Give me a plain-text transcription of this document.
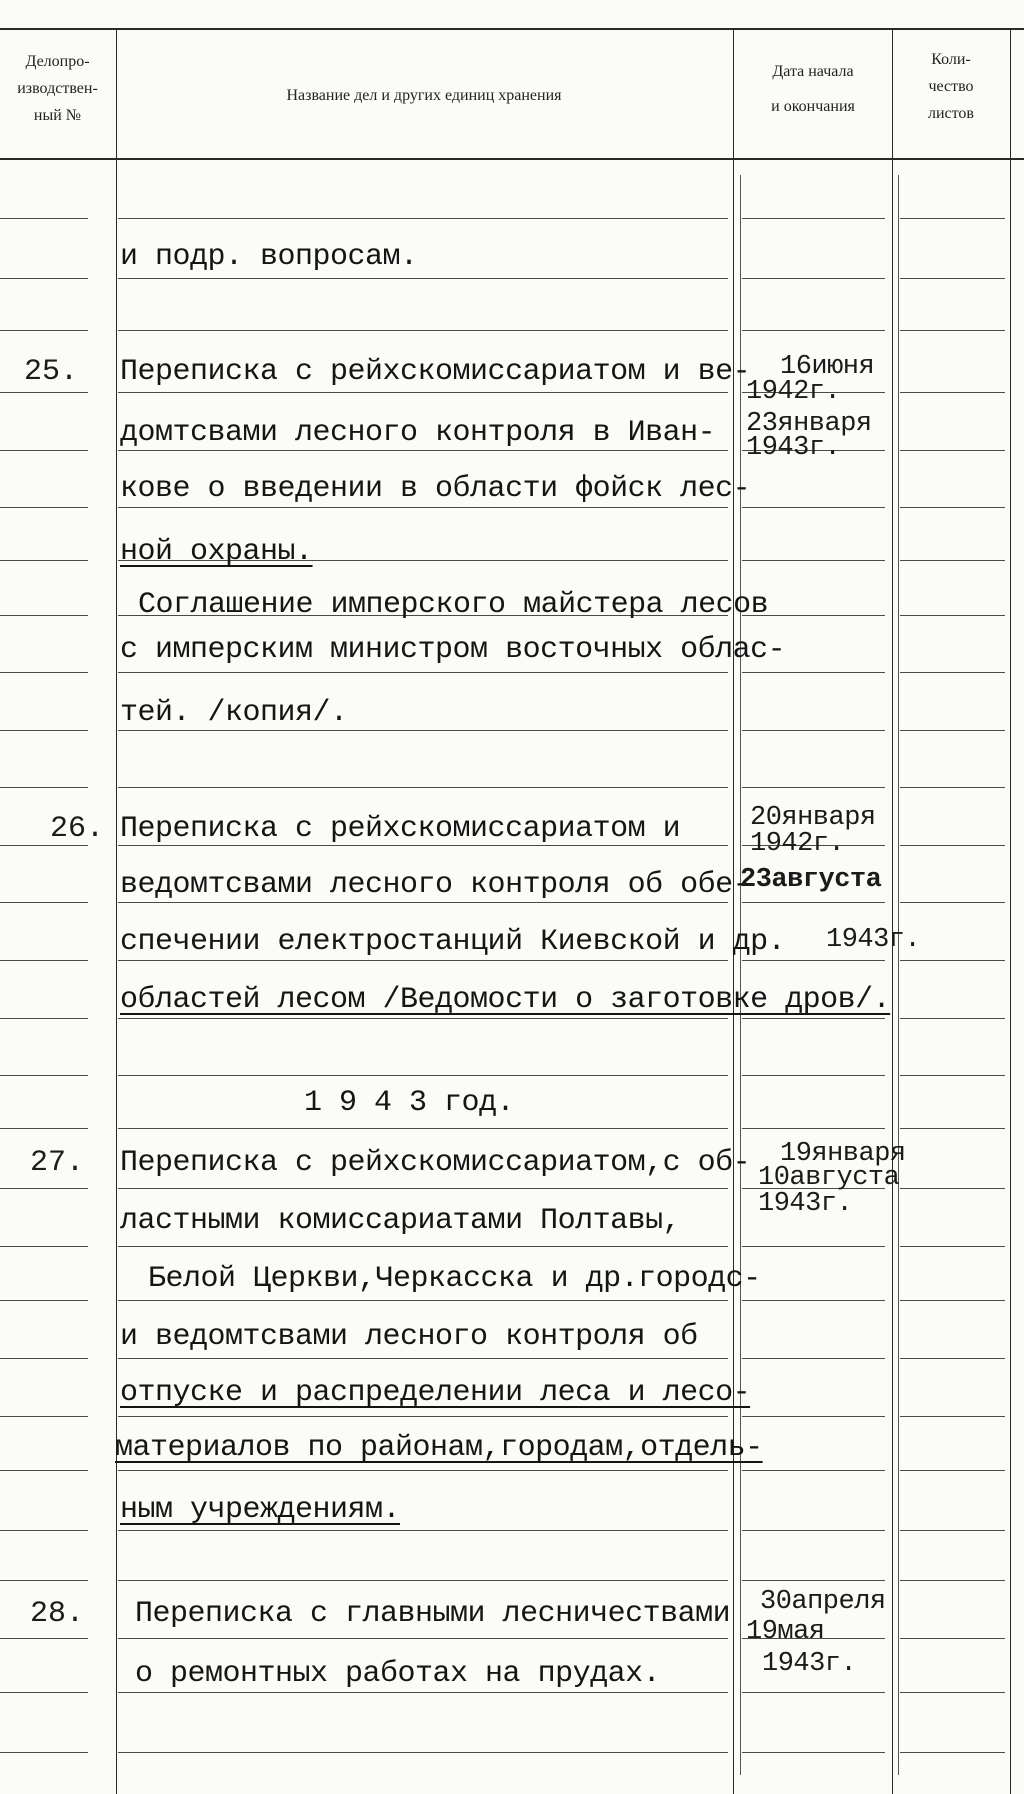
Делопро-
изводствен-
ный №
Название дел и других единиц хранения
Дата начала
и окончания
Коли-
чество
листов
и подр. вопросам.
25. Переписка с рейхскомиссариатом и ве-
домтсвами лесного контроля в Иван-
кове о введении в области фойск лес-
ной охраны.
Соглашение имперского майстера лесов
с имперским министром восточных облас-
тей. /копия/.
16июня
1942г.
23января
1943г.
26. Переписка с рейхскомиссариатом и
ведомтсвами лесного контроля об обе-
спечении електростанций Киевской и др.
областей лесом /Ведомости о заготовке дров/.
20января
1942г.
23августа
1943г.
1 9 4 3 год.
27. Переписка с рейхскомиссариатом,с об-
ластными комиссариатами Полтавы,
Белой Церкви,Черкасска и др.городс-
и ведомтсвами лесного контроля об
отпуске и распределении леса и лесо-
материалов по районам,городам,отдель-
ным учреждениям.
19января
10августа
1943г.
28. Переписка с главными лесничествами
о ремонтных работах на прудах.
30апреля
19мая
1943г.
